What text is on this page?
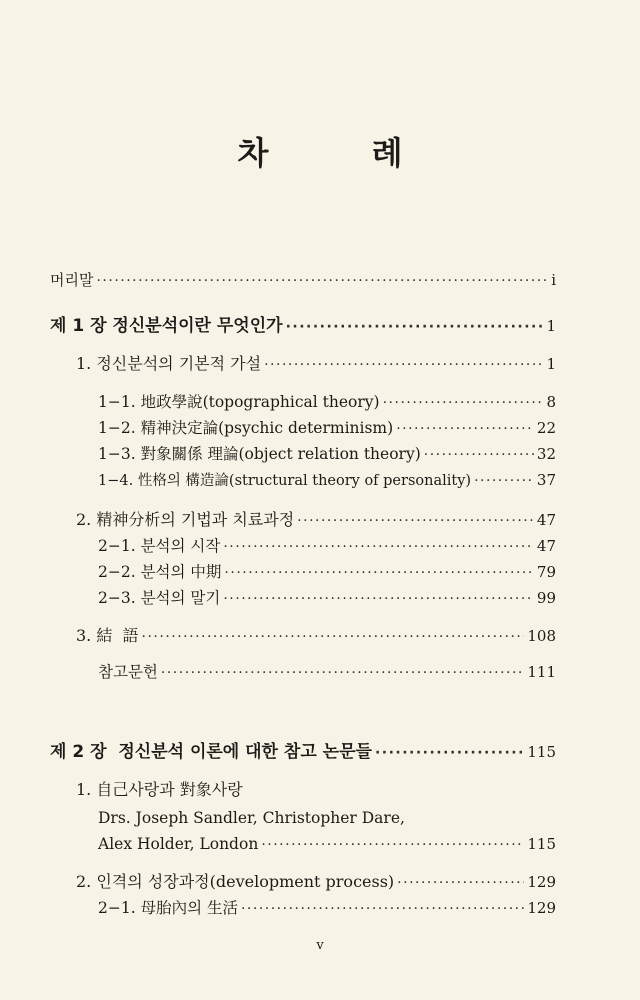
차 례
머리말 ·····	i
제 1 장 정신분석이란 무엇인가 ·····	1
1. 정신분석의 기본적 가설 ·····	1
1−1. 地政學說(topographical theory) ·····	8
1−2. 精神決定論(psychic determinism) ·····	22
1−3. 對象關係 理論(object relation theory) ·····	32
1−4. 性格의 構造論(structural theory of personality) ·····	37
2. 精神分析의 기법과 치료과정 ·····	47
2−1. 분석의 시작 ·····	47
2−2. 분석의 中期 ·····	79
2−3. 분석의 말기 ·····	99
3. 結  語 ·····	108
참고문헌 ·····	111
제 2 장  정신분석 이론에 대한 참고 논문들 ·····	115
1. 自己사랑과 對象사랑
Drs. Joseph Sandler, Christopher Dare,
Alex Holder, London ·····	115
2. 인격의 성장과정(development process) ·····	129
2−1. 母胎內의 生活 ·····	129
v
